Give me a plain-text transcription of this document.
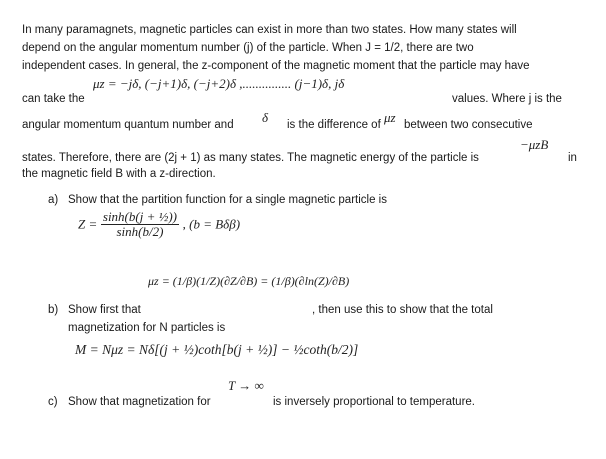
In many paramagnets, magnetic particles can exist in more than two states. How many states will
depend on the angular momentum number (j) of the particle. When J = 1/2, there are two
independent cases. In general, the z-component of the magnetic moment that the particle may have
can take the
μz = −jδ, (−j+1)δ, (−j+2)δ ,............... (j−1)δ, jδ
values. Where j is the
angular momentum quantum number and δ is the difference of μz between two consecutive
−μzB
states. Therefore, there are (2j + 1) as many states. The magnetic energy of the particle is	in
the magnetic field B with a z-direction.
a) Show that the partition function for a single magnetic particle is
$Z = \frac{\text{sinh(b(j + ½))}}{\sinh(b/2)}$ , (b = Bδβ)
μz = (1/β)(1/Z)(∂Z/∂B) = (1/β)(∂ln(Z)/∂B)
b) Show first that	, then use this to show that the total
magnetization for N particles is
M = Nμz = Nδ[(j + ½)coth[b(j + ½)] − ½coth(b/2)]
T → ∞
c) Show that magnetization for	is inversely proportional to temperature.
